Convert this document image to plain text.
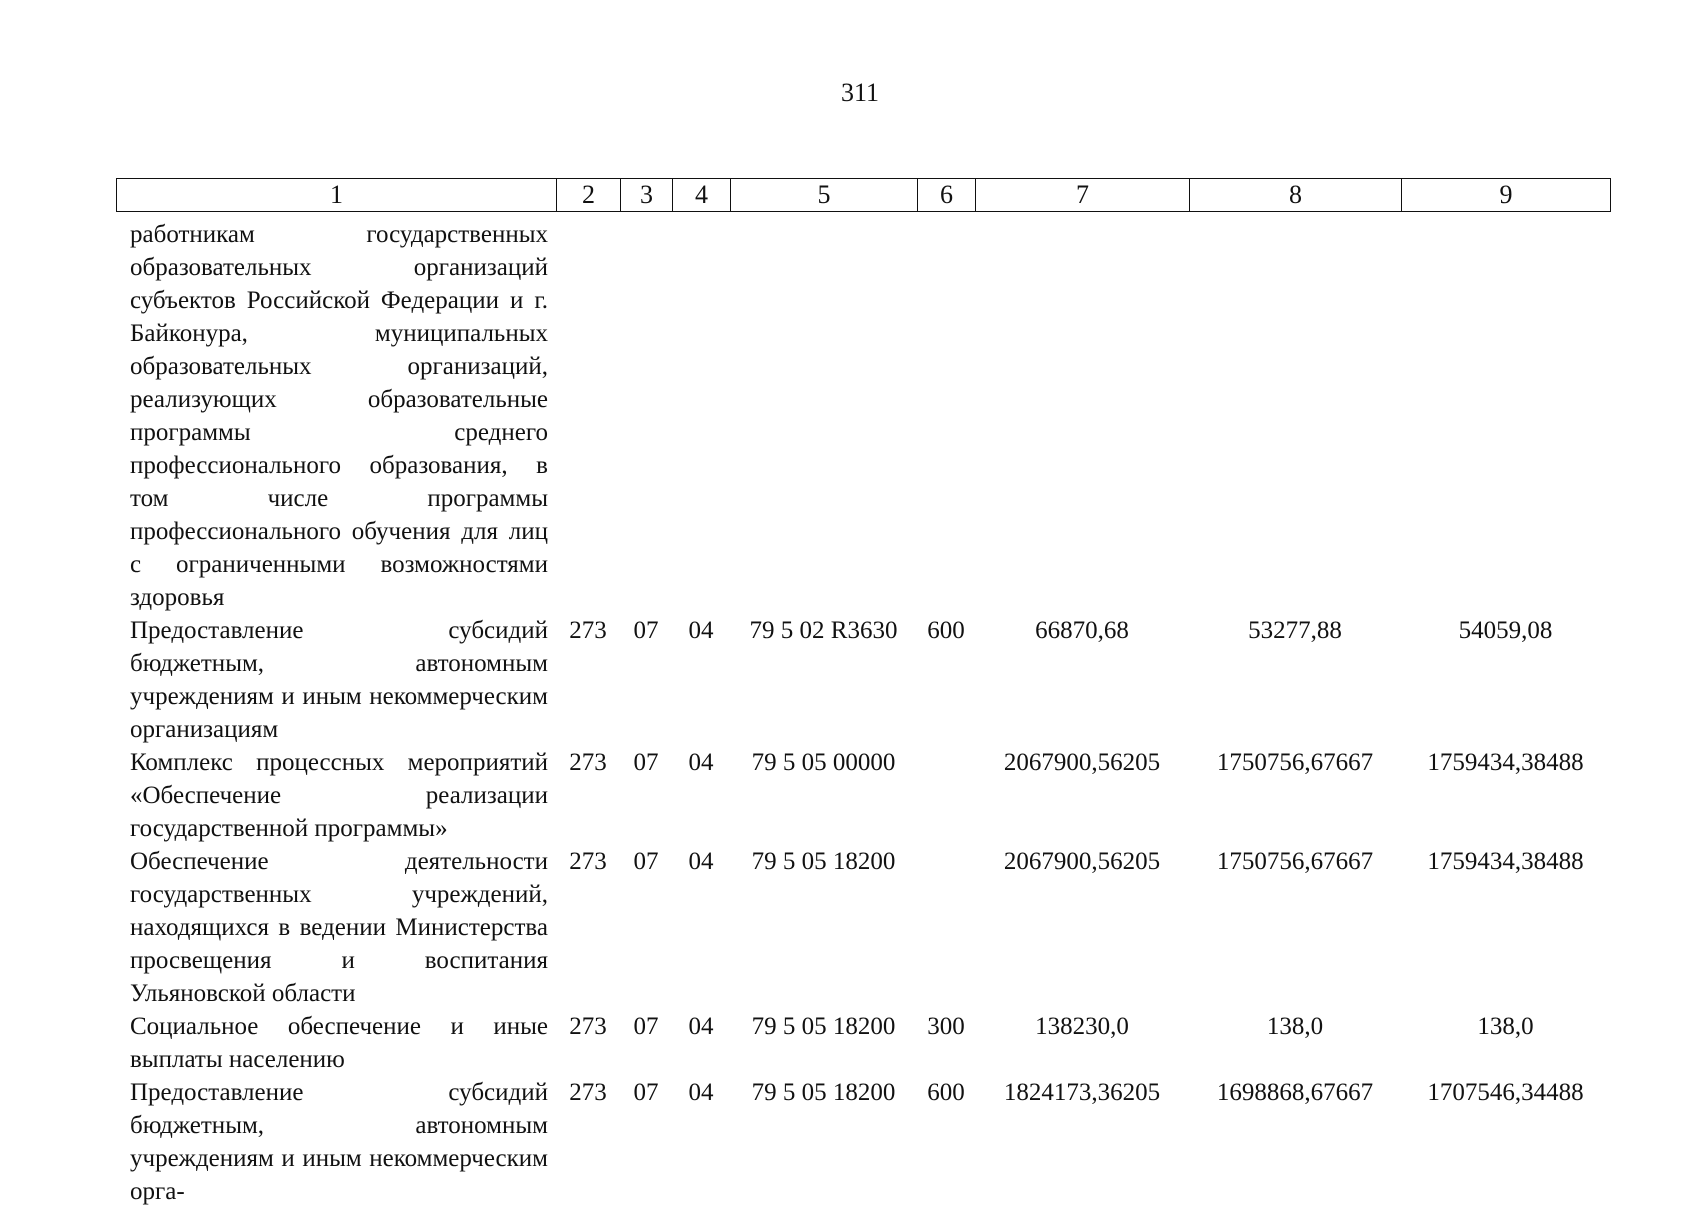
311
1	2	3	4	5	6	7	8	9
работникам государственных образовательных организаций субъектов Российской Федерации и г. Байконура, муниципальных образовательных организаций, реализующих образовательные программы среднего профессионального образования, в том числе программы профессионального обучения для лиц с ограниченными возможностями здоровья								
Предоставление субсидий бюджетным, автономным учреждениям и иным некоммерческим организациям	273	07	04	79 5 02 R3630	600	66870,68	53277,88	54059,08
Комплекс процессных мероприятий «Обеспечение реализации государственной программы»	273	07	04	79 5 05 00000		2067900,56205	1750756,67667	1759434,38488
Обеспечение деятельности государственных учреждений, находящихся в ведении Министерства просвещения и воспитания Ульяновской области	273	07	04	79 5 05 18200		2067900,56205	1750756,67667	1759434,38488
Социальное обеспечение и иные выплаты населению	273	07	04	79 5 05 18200	300	138230,0	138,0	138,0
Предоставление субсидий бюджетным, автономным учреждениям и иным некоммерческим орга-	273	07	04	79 5 05 18200	600	1824173,36205	1698868,67667	1707546,34488
